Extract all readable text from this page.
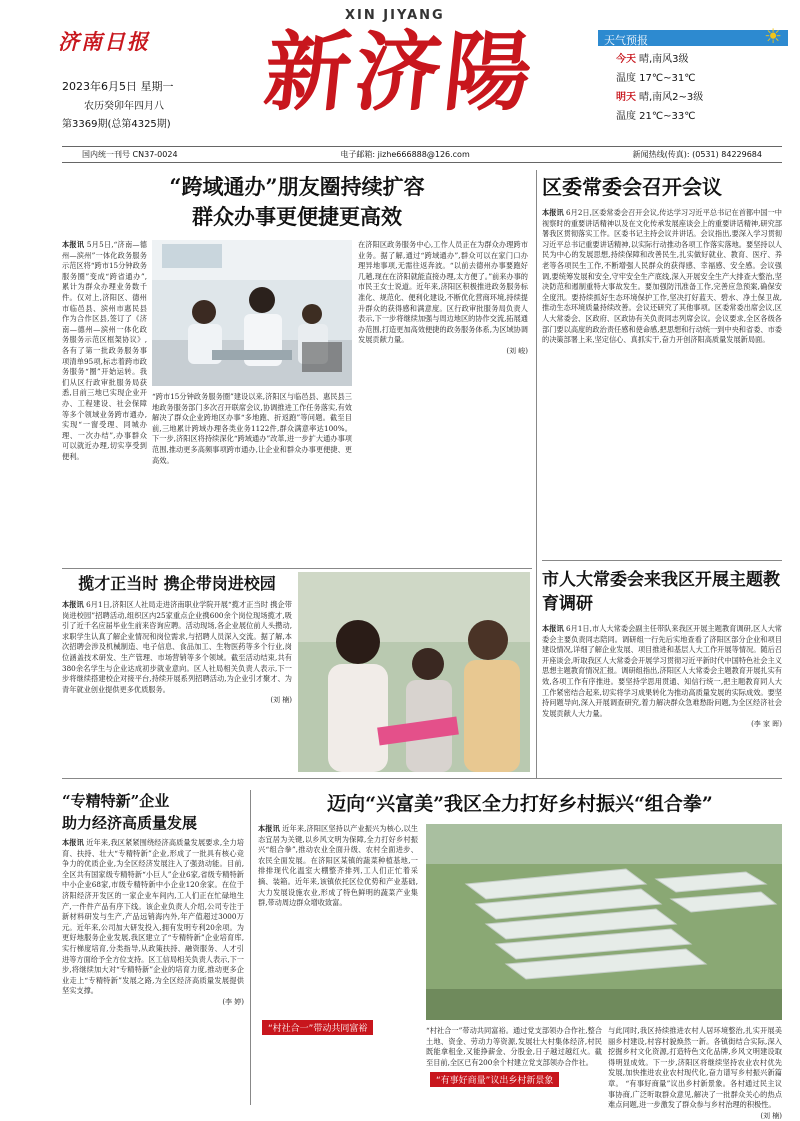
济南日报
2023年6月5日 星期一
农历癸卯年四月八
第3369期(总第4325期)
XIN JIYANG
新济陽	天气预报	☀
今天 晴,南风3级
温度 17℃~31℃
明天 晴,南风2~3级
温度 21℃~33℃
国内统一刊号 CN37-0024	电子邮箱: jizhe666888@126.com	新闻热线(传真): (0531) 84229684
“跨域通办”朋友圈持续扩容
群众办事更便捷更高效
本报讯 5月5日,“济南—德州—滨州”一体化政务服务示范区将“跨市15分钟政务服务圈”变成“跨省通办”,累计为群众办理业务数千件。仅对上,济阳区、德州市临邑县、滨州市惠民县作为合作区县,签订了《济南—德州—滨州一体化政务服务示范区框架协议》,各有了第一批政务服务事项清单95项,标志着跨市政务服务“圈”开始运转。我们从区行政审批服务局获悉,目前三地已实现企业开办、工程建设、社会保障等多个领域业务跨市通办,实现“一窗受理、同城办理、一次办结”,办事群众可以就近办理,切实享受到便利。
“跨市15分钟政务服务圈”建设以来,济阳区与临邑县、惠民县三地政务服务部门多次召开联席会议,协调推进工作任务落实,有效解决了群众企业跨地区办事“多地跑、折返跑”等问题。截至目前,三地累计跨域办理各类业务1122件,群众满意率达100%。 下一步,济阳区将持续深化“跨域通办”改革,进一步扩大通办事项范围,推动更多高频事项跨市通办,让企业和群众办事更便捷、更高效。
在济阳区政务服务中心,工作人员正在为群众办理跨市业务。据了解,通过“跨域通办”,群众可以在家门口办理异地事项,无需往返奔波。“以前去德州办事要跑好几趟,现在在济阳就能直接办理,太方便了。”前来办事的市民王女士说道。近年来,济阳区积极推进政务服务标准化、规范化、便利化建设,不断优化营商环境,持续提升群众的获得感和满意度。区行政审批服务局负责人表示,下一步将继续加强与周边地区的协作交流,拓展通办范围,打造更加高效便捷的政务服务体系,为区域协调发展贡献力量。
(刘 峻)
揽才正当时 携企带岗进校园
本报讯 6月1日,济阳区人社局走进济南职业学院开展“揽才正当时 携企带岗进校园”招聘活动,组织区内25家重点企业携600余个岗位现场揽才,吸引了近千名应届毕业生前来咨询应聘。活动现场,各企业展位前人头攒动,求职学生认真了解企业情况和岗位需求,与招聘人员深入交流。据了解,本次招聘会涉及机械制造、电子信息、食品加工、生物医药等多个行业,岗位涵盖技术研发、生产管理、市场营销等多个领域。截至活动结束,共有380余名学生与企业达成初步就业意向。区人社局相关负责人表示,下一步将继续搭建校企对接平台,持续开展系列招聘活动,为企业引才聚才、为青年就业创业提供更多优质服务。
(刘 楠)
区委常委会召开会议
本报讯 6月2日,区委常委会召开会议,传达学习习近平总书记在首都中国一中视察时的重要讲话精神以及在文化传承发展座谈会上的重要讲话精神,研究部署我区贯彻落实工作。区委书记主持会议并讲话。会议指出,要深入学习贯彻习近平总书记重要讲话精神,以实际行动推动各项工作落实落地。要坚持以人民为中心的发展思想,持续保障和改善民生,扎实做好就业、教育、医疗、养老等各项民生工作,不断增强人民群众的获得感、幸福感、安全感。会议强调,要统筹发展和安全,守牢安全生产底线,深入开展安全生产大排查大整治,坚决防范和遏制重特大事故发生。要加强防汛准备工作,完善应急预案,确保安全度汛。要持续抓好生态环境保护工作,坚决打好蓝天、碧水、净土保卫战,推动生态环境质量持续改善。会议还研究了其他事项。区委常委出席会议,区人大常委会、区政府、区政协有关负责同志列席会议。会议要求,全区各级各部门要以高度的政治责任感和使命感,把思想和行动统一到中央和省委、市委的决策部署上来,坚定信心、真抓实干,奋力开创济阳高质量发展新局面。
市人大常委会来我区开展主题教育调研
本报讯 6月1日,市人大常委会副主任带队来我区开展主题教育调研,区人大常委会主要负责同志陪同。调研组一行先后实地查看了济阳区部分企业和项目建设情况,详细了解企业发展、项目推进和基层人大工作开展等情况。随后召开座谈会,听取我区人大常委会开展学习贯彻习近平新时代中国特色社会主义思想主题教育情况汇报。调研组指出,济阳区人大常委会主题教育开展扎实有效,各项工作有序推进。要坚持学思用贯通、知信行统一,把主题教育同人大工作紧密结合起来,切实将学习成果转化为推动高质量发展的实际成效。要坚持问题导向,深入开展调查研究,着力解决群众急难愁盼问题,为全区经济社会发展贡献人大力量。
(李 家 晖)
“专精特新”企业
助力经济高质量发展
本报讯 近年来,我区紧紧围绕经济高质量发展要求,全力培育、扶持、壮大“专精特新”企业,形成了一批具有核心竞争力的优质企业,为全区经济发展注入了强劲动能。目前,全区共有国家级专精特新“小巨人”企业6家,省级专精特新中小企业68家,市级专精特新中小企业120余家。在位于济阳经济开发区的一家企业车间内,工人们正在忙碌地生产,一件件产品有序下线。该企业负责人介绍,公司专注于新材料研发与生产,产品远销海内外,年产值超过3000万元。近年来,公司加大研发投入,拥有发明专利20余项。为更好地服务企业发展,我区建立了“专精特新”企业培育库,实行梯度培育,分类指导,从政策扶持、融资服务、人才引进等方面给予全方位支持。区工信局相关负责人表示,下一步,将继续加大对“专精特新”企业的培育力度,推动更多企业走上“专精特新”发展之路,为全区经济高质量发展提供坚实支撑。
(李 婷)
迈向“兴富美”我区全力打好乡村振兴“组合拳”
本报讯 近年来,济阳区坚持以产业振兴为核心,以生态宜居为关键,以乡风文明为保障,全力打好乡村振兴“组合拳”,推动农业全面升级、农村全面进步、农民全面发展。在济阳区某镇的蔬菜种植基地,一排排现代化温室大棚整齐排列,工人们正忙着采摘、装箱。近年来,该镇依托区位优势和产业基础,大力发展设施农业,形成了特色鲜明的蔬菜产业集群,带动周边群众增收致富。
“村社合一”带动共同富裕	“村社合一”带动共同富裕。通过党支部领办合作社,整合土地、资金、劳动力等资源,发展壮大村集体经济,村民既能拿租金,又能挣薪金、分股金,日子越过越红火。截至目前,全区已有200余个村建立党支部领办合作社。
“有事好商量”议出乡村新景象
与此同时,我区持续推进农村人居环境整治,扎实开展美丽乡村建设,村容村貌焕然一新。各镇街结合实际,深入挖掘乡村文化资源,打造特色文化品牌,乡风文明建设取得明显成效。下一步,济阳区将继续坚持农业农村优先发展,加快推进农业农村现代化,奋力谱写乡村振兴新篇章。 “有事好商量”议出乡村新景象。各村通过民主议事协商,广泛听取群众意见,解决了一批群众关心的热点难点问题,进一步激发了群众参与乡村治理的积极性。
(刘 楠)
